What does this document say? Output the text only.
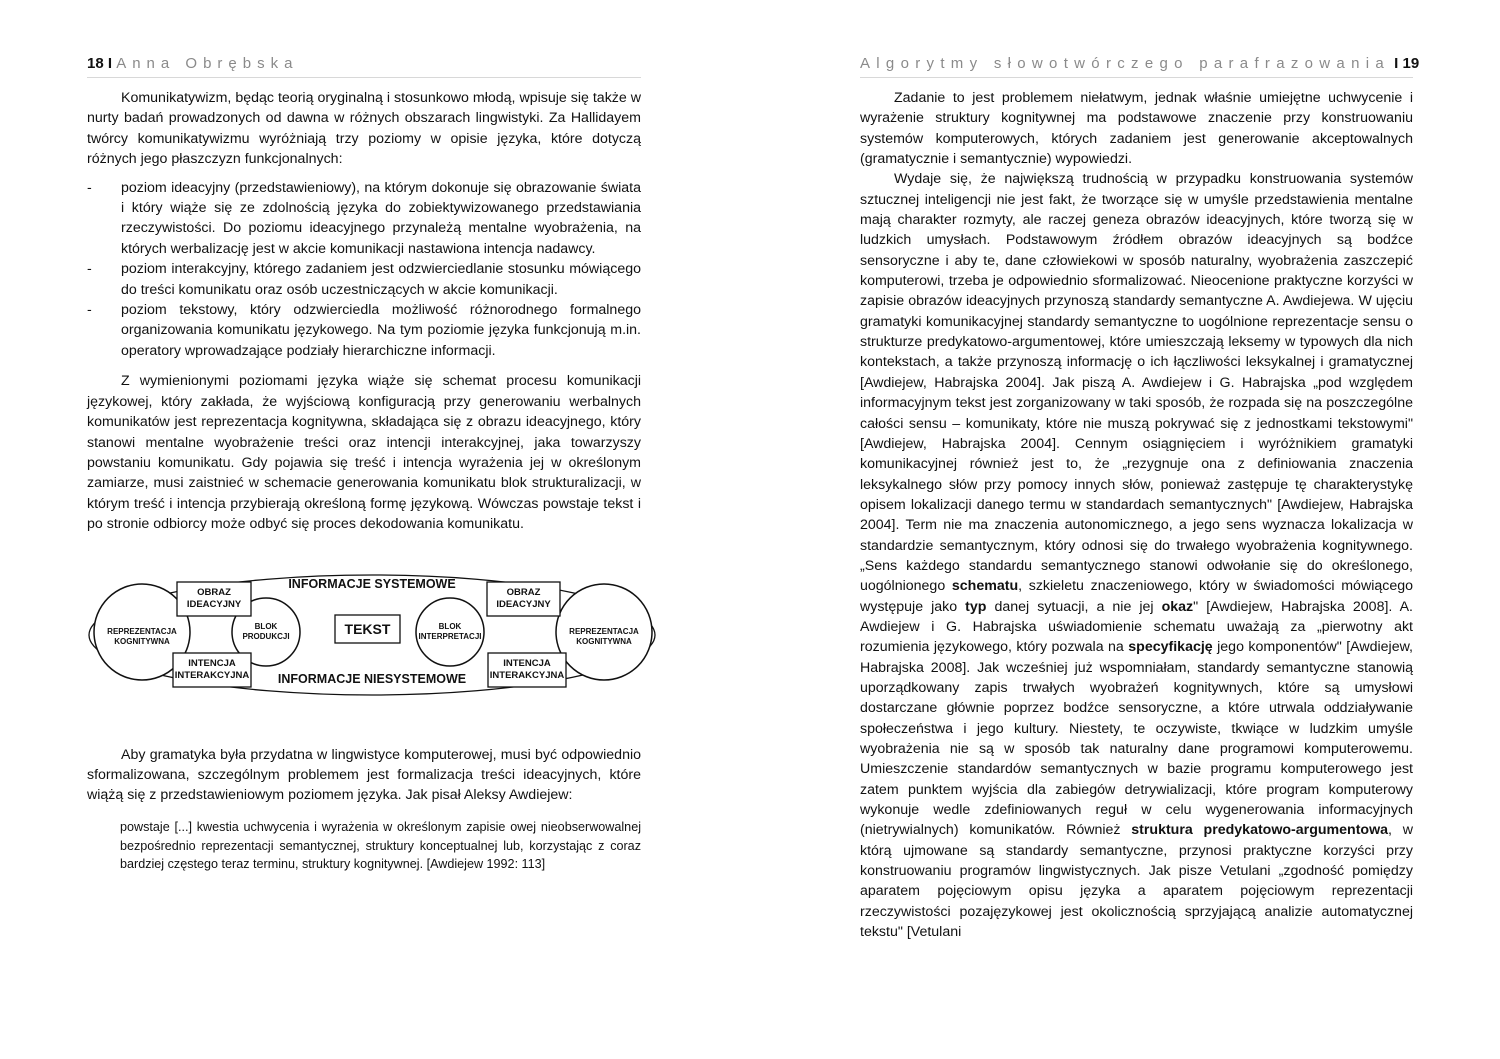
18 I Anna Obrębska

Komunikatywizm, będąc teorią oryginalną i stosunkowo młodą, wpisuje się także w nurty badań prowadzonych od dawna w różnych obszarach lingwistyki. Za Hallidayem twórcy komunikatywizmu wyróżniają trzy poziomy w opisie języka, które dotyczą różnych jego płaszczyzn funkcjonalnych:

- poziom ideacyjny (przedstawieniowy), na którym dokonuje się obrazowanie świata i który wiąże się ze zdolnością języka do zobiektywizowanego przedstawiania rzeczywistości. Do poziomu ideacyjnego przynależą mentalne wyobrażenia, na których werbalizację jest w akcie komunikacji nastawiona intencja nadawcy.
- poziom interakcyjny, którego zadaniem jest odzwierciedlanie stosunku mówiącego do treści komunikatu oraz osób uczestniczących w akcie komunikacji.
- poziom tekstowy, który odzwierciedla możliwość różnorodnego formalnego organizowania komunikatu językowego. Na tym poziomie języka funkcjonują m.in. operatory wprowadzające podziały hierarchiczne informacji.

Z wymienionymi poziomami języka wiąże się schemat procesu komunikacji językowej, który zakłada, że wyjściową konfiguracją przy generowaniu werbalnych komunikatów jest reprezentacja kognitywna, składająca się z obrazu ideacyjnego, który stanowi mentalne wyobrażenie treści oraz intencji interakcyjnej, jaka towarzyszy powstaniu komunikatu. Gdy pojawia się treść i intencja wyrażenia jej w określonym zamiarze, musi zaistnieć w schemacie generowania komunikatu blok strukturalizacji, w którym treść i intencja przybierają określoną formę językową. Wówczas powstaje tekst i po stronie odbiorcy może odbyć się proces dekodowania komunikatu.

REPREZENTACJA
KOGNITYWNA
REPREZENTACJA
KOGNITYWNA
OBRAZ
IDEACYJNY
OBRAZ
IDEACYJNY
INTENCJA
INTERAKCYJNA
INTENCJA
INTERAKCYJNA
BLOK
PRODUKCJI
BLOK
INTERPRETACJI
TEKST
INFORMACJE SYSTEMOWE
INFORMACJE NIESYSTEMOWE

Aby gramatyka była przydatna w lingwistyce komputerowej, musi być odpowiednio sformalizowana, szczególnym problemem jest formalizacja treści ideacyjnych, które wiążą się z przedstawieniowym poziomem języka. Jak pisał Aleksy Awdiejew:

powstaje [...] kwestia uchwycenia i wyrażenia w określonym zapisie owej nieobserwowalnej bezpośrednio reprezentacji semantycznej, struktury konceptualnej lub, korzystając z coraz bardziej częstego teraz terminu, struktury kognitywnej. [Awdiejew 1992: 113]

Algorytmy słowotwórczego parafrazowania I 19

Zadanie to jest problemem niełatwym, jednak właśnie umiejętne uchwycenie i wyrażenie struktury kognitywnej ma podstawowe znaczenie przy konstruowaniu systemów komputerowych, których zadaniem jest generowanie akceptowalnych (gramatycznie i semantycznie) wypowiedzi.

Wydaje się, że największą trudnością w przypadku konstruowania systemów sztucznej inteligencji nie jest fakt, że tworzące się w umyśle przedstawienia mentalne mają charakter rozmyty, ale raczej geneza obrazów ideacyjnych, które tworzą się w ludzkich umysłach. Podstawowym źródłem obrazów ideacyjnych są bodźce sensoryczne i aby te, dane człowiekowi w sposób naturalny, wyobrażenia zaszczepić komputerowi, trzeba je odpowiednio sformalizować. Nieocenione praktyczne korzyści w zapisie obrazów ideacyjnych przynoszą standardy semantyczne A. Awdiejewa. W ujęciu gramatyki komunikacyjnej standardy semantyczne to uogólnione reprezentacje sensu o strukturze predykatowo-argumentowej, które umieszczają leksemy w typowych dla nich kontekstach, a także przynoszą informację o ich łączliwości leksykalnej i gramatycznej [Awdiejew, Habrajska 2004]. Jak piszą A. Awdiejew i G. Habrajska „pod względem informacyjnym tekst jest zorganizowany w taki sposób, że rozpada się na poszczególne całości sensu – komunikaty, które nie muszą pokrywać się z jednostkami tekstowymi" [Awdiejew, Habrajska 2004]. Cennym osiągnięciem i wyróżnikiem gramatyki komunikacyjnej również jest to, że „rezygnuje ona z definiowania znaczenia leksykalnego słów przy pomocy innych słów, ponieważ zastępuje tę charakterystykę opisem lokalizacji danego termu w standardach semantycznych" [Awdiejew, Habrajska 2004]. Term nie ma znaczenia autonomicznego, a jego sens wyznacza lokalizacja w standardzie semantycznym, który odnosi się do trwałego wyobrażenia kognitywnego. „Sens każdego standardu semantycznego stanowi odwołanie się do określonego, uogólnionego schematu, szkieletu znaczeniowego, który w świadomości mówiącego występuje jako typ danej sytuacji, a nie jej okaz" [Awdiejew, Habrajska 2008]. A. Awdiejew i G. Habrajska uświadomienie schematu uważają za „pierwotny akt rozumienia językowego, który pozwala na specyfikację jego komponentów" [Awdiejew, Habrajska 2008]. Jak wcześniej już wspomniałam, standardy semantyczne stanowią uporządkowany zapis trwałych wyobrażeń kognitywnych, które są umysłowi dostarczane głównie poprzez bodźce sensoryczne, a które utrwala oddziaływanie społeczeństwa i jego kultury. Niestety, te oczywiste, tkwiące w ludzkim umyśle wyobrażenia nie są w sposób tak naturalny dane programowi komputerowemu. Umieszczenie standardów semantycznych w bazie programu komputerowego jest zatem punktem wyjścia dla zabiegów detrywializacji, które program komputerowy wykonuje wedle zdefiniowanych reguł w celu wygenerowania informacyjnych (nietrywialnych) komunikatów. Również struktura predykatowo-argumentowa, w którą ujmowane są standardy semantyczne, przynosi praktyczne korzyści przy konstruowaniu programów lingwistycznych. Jak pisze Vetulani „zgodność pomiędzy aparatem pojęciowym opisu języka a aparatem pojęciowym reprezentacji rzeczywistości pozajęzykowej jest okolicznością sprzyjającą analizie automatycznej tekstu" [Vetulani
